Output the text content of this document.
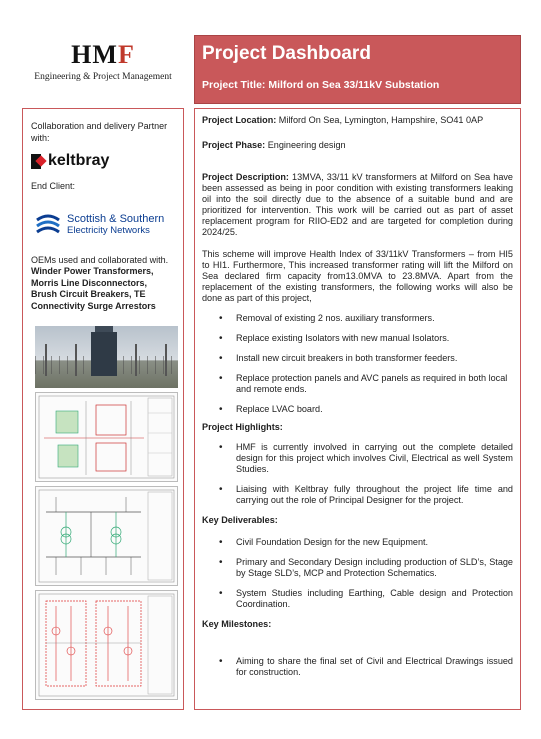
HMF
Engineering & Project Management
Project Dashboard
Project Title: Milford on Sea 33/11kV Substation
Collaboration and delivery Partner with:
keltbray
End Client:
Scottish & Southern
Electricity Networks
OEMs used and collaborated with.
Winder Power Transformers, Morris Line Disconnectors, Brush Circuit Breakers, TE Connectivity Surge Arrestors

Project Location: Milford On Sea, Lymington, Hampshire, SO41 0AP

Project Phase: Engineering design

Project Description: 13MVA, 33/11 kV transformers at Milford on Sea have been assessed as being in poor condition with existing transformers leaking oil into the soil directly due to the absence of a suitable bund and are prioritized for intervention. This work will be carried out as part of asset replacement program for RIIO-ED2 and are targeted for completion during 2024/25.

This scheme will improve Health Index of 33/11kV Transformers – from HI5 to HI1. Furthermore, This increased transformer rating will lift the Milford on Sea declared firm capacity from13.0MVA to 23.8MVA. Apart from the replacement of the existing transformers, the following works will also be done as part of this project,

• Removal of existing 2 nos. auxiliary transformers.
• Replace existing Isolators with new manual Isolators.
• Install new circuit breakers in both transformer feeders.
• Replace protection panels and AVC panels as required in both local and remote ends.
• Replace LVAC board.

Project Highlights:

• HMF is currently involved in carrying out the complete detailed design for this project which involves Civil, Electrical as well System Studies.
• Liaising with Keltbray fully throughout the project life time and carrying out the role of Principal Designer for the project.

Key Deliverables:

• Civil Foundation Design for the new Equipment.
• Primary and Secondary Design including production of SLD’s, Stage by Stage SLD’s, MCP and Protection Schematics.
• System Studies including Earthing, Cable design and Protection Coordination.

Key Milestones:

• Aiming to share the final set of Civil and Electrical Drawings issued for construction.
